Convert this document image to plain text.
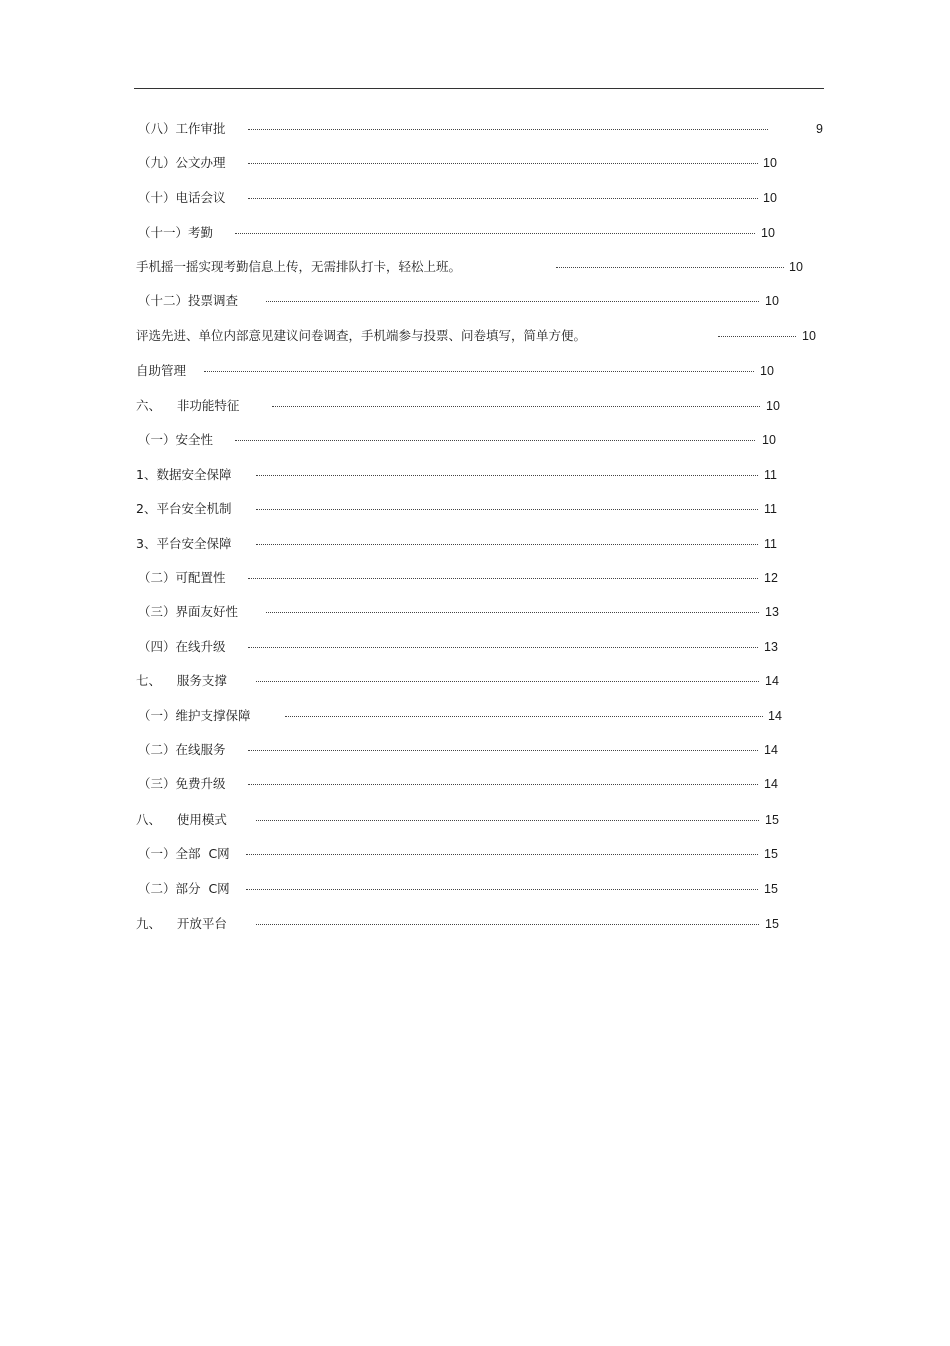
（八）工作审批	9
（九）公文办理	10
（十）电话会议	10
（十一）考勤	10
手机摇一摇实现考勤信息上传，无需排队打卡，轻松上班。	10
（十二）投票调查	10
评选先进、单位内部意见建议问卷调查，手机端参与投票、问卷填写，简单方便。	10
自助管理	10
六、    非功能特征	10
（一）安全性	10
1、数据安全保障	11
2、平台安全机制	11
3、平台安全保障	11
（二）可配置性	12
（三）界面友好性	13
（四）在线升级	13
七、    服务支撑	14
（一）维护支撑保障	14
（二）在线服务	14
（三）免费升级	14
八、    使用模式	15
（一）全部  C网	15
（二）部分  C网	15
九、    开放平台	15
